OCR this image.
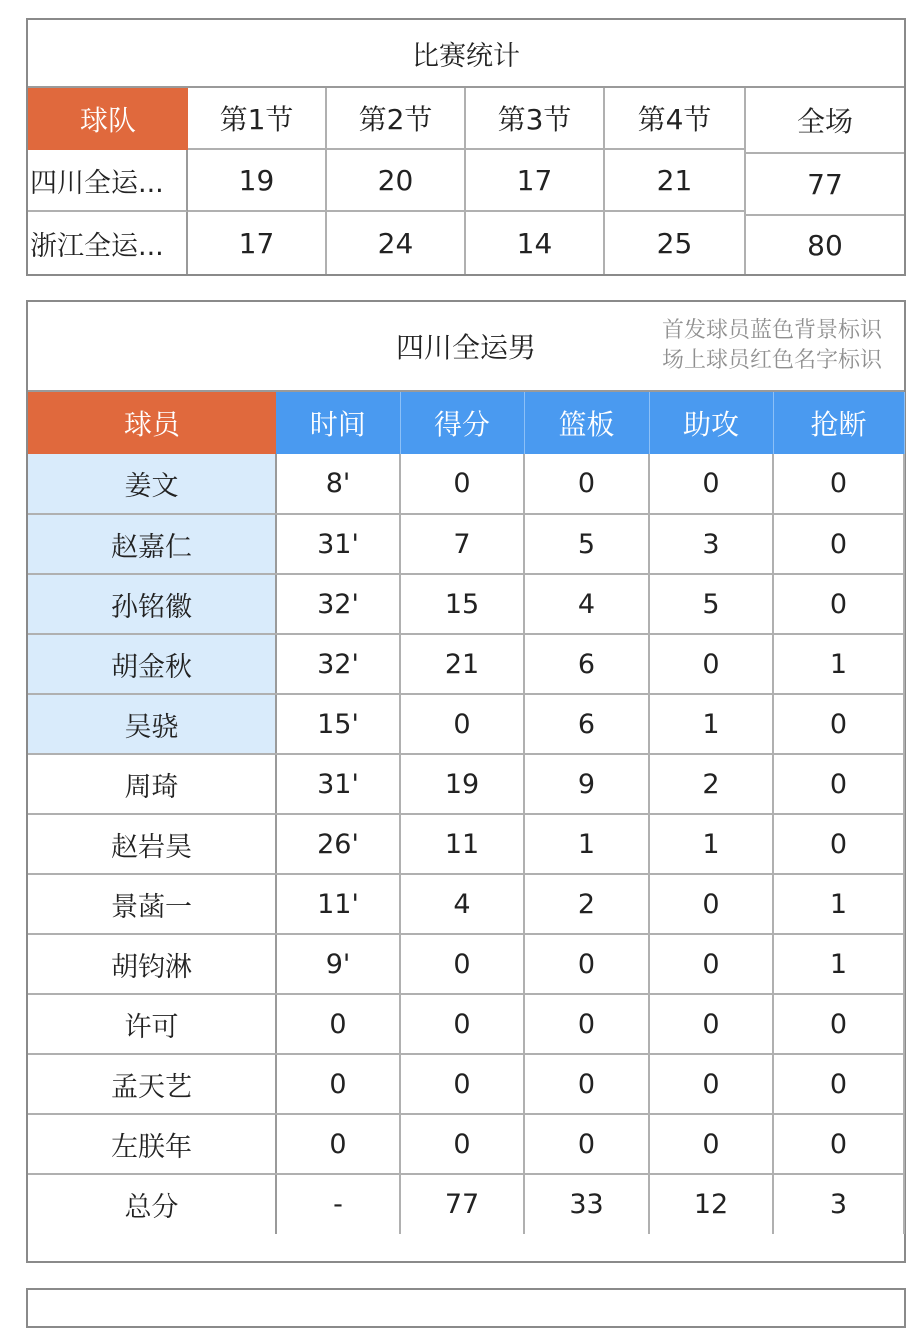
比赛统计
球队	第1节	第2节	第3节	第4节	全场
四川全运...	19	20	17	21	77
浙江全运...	17	24	14	25	80
四川全运男
首发球员蓝色背景标识
场上球员红色名字标识
球员	时间	得分	篮板	助攻	抢断
姜文	8'	0	0	0	0
赵嘉仁	31'	7	5	3	0
孙铭徽	32'	15	4	5	0
胡金秋	32'	21	6	0	1
吴骁	15'	0	6	1	0
周琦	31'	19	9	2	0
赵岩昊	26'	11	1	1	0
景菡一	11'	4	2	0	1
胡钧淋	9'	0	0	0	1
许可	0	0	0	0	0
孟天艺	0	0	0	0	0
左朕年	0	0	0	0	0
总分	-	77	33	12	3
